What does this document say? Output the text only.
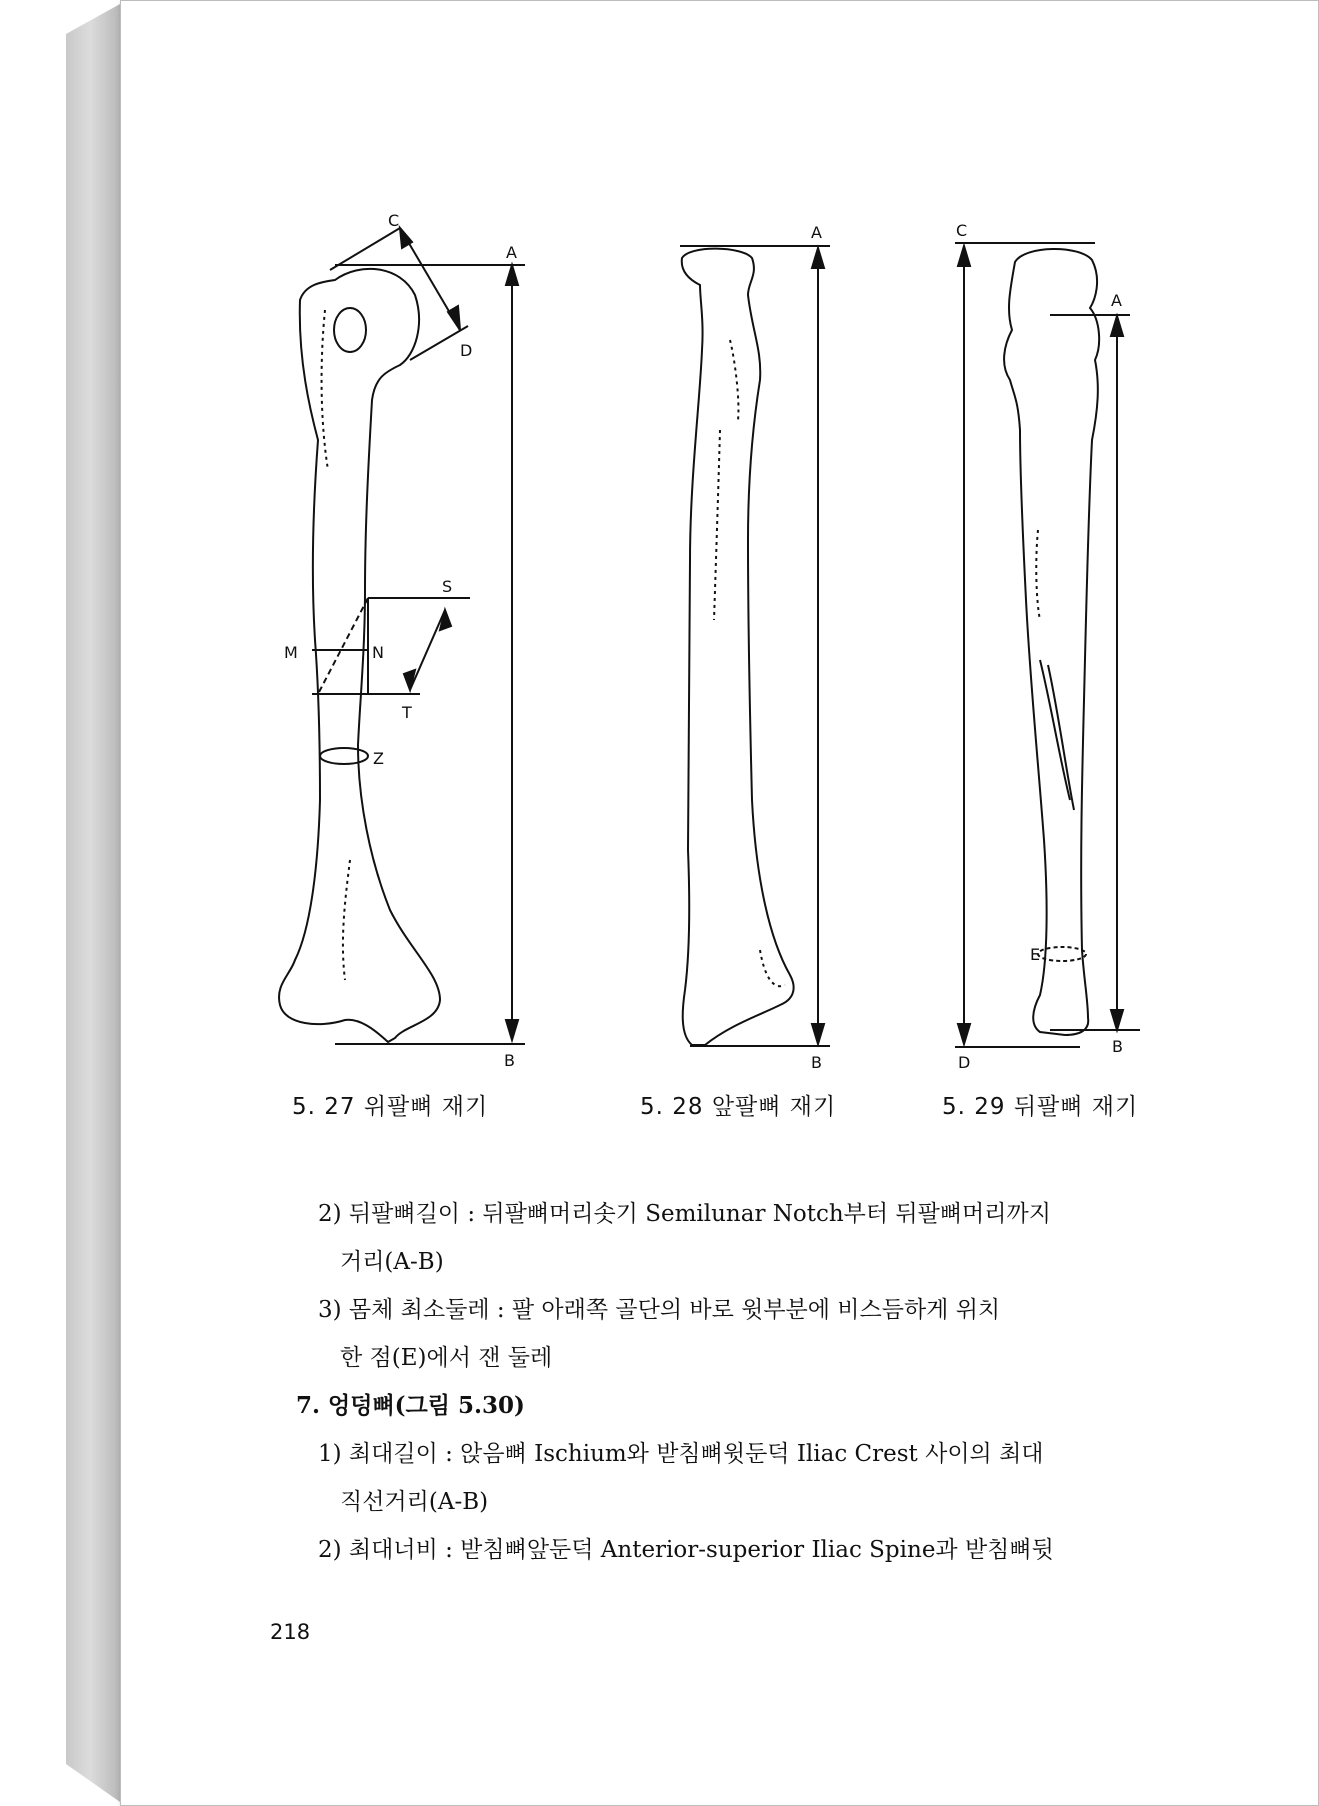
C
A
D
S
M	N
T
Z
B
A
B
C
A
E
D
B
5. 27 위팔뼈 재기	5. 28 앞팔뼈 재기	5. 29 뒤팔뼈 재기
2) 뒤팔뼈길이 : 뒤팔뼈머리솟기 Semilunar Notch부터 뒤팔뼈머리까지
거리(A-B)
3) 몸체 최소둘레 : 팔 아래쪽 골단의 바로 윗부분에 비스듬하게 위치
한 점(E)에서 잰 둘레
7. 엉덩뼈(그림 5.30)
1) 최대길이 : 앉음뼈 Ischium와 받침뼈윗둔덕 Iliac Crest 사이의 최대
직선거리(A-B)
2) 최대너비 : 받침뼈앞둔덕 Anterior-superior Iliac Spine과 받침뼈뒷
218
